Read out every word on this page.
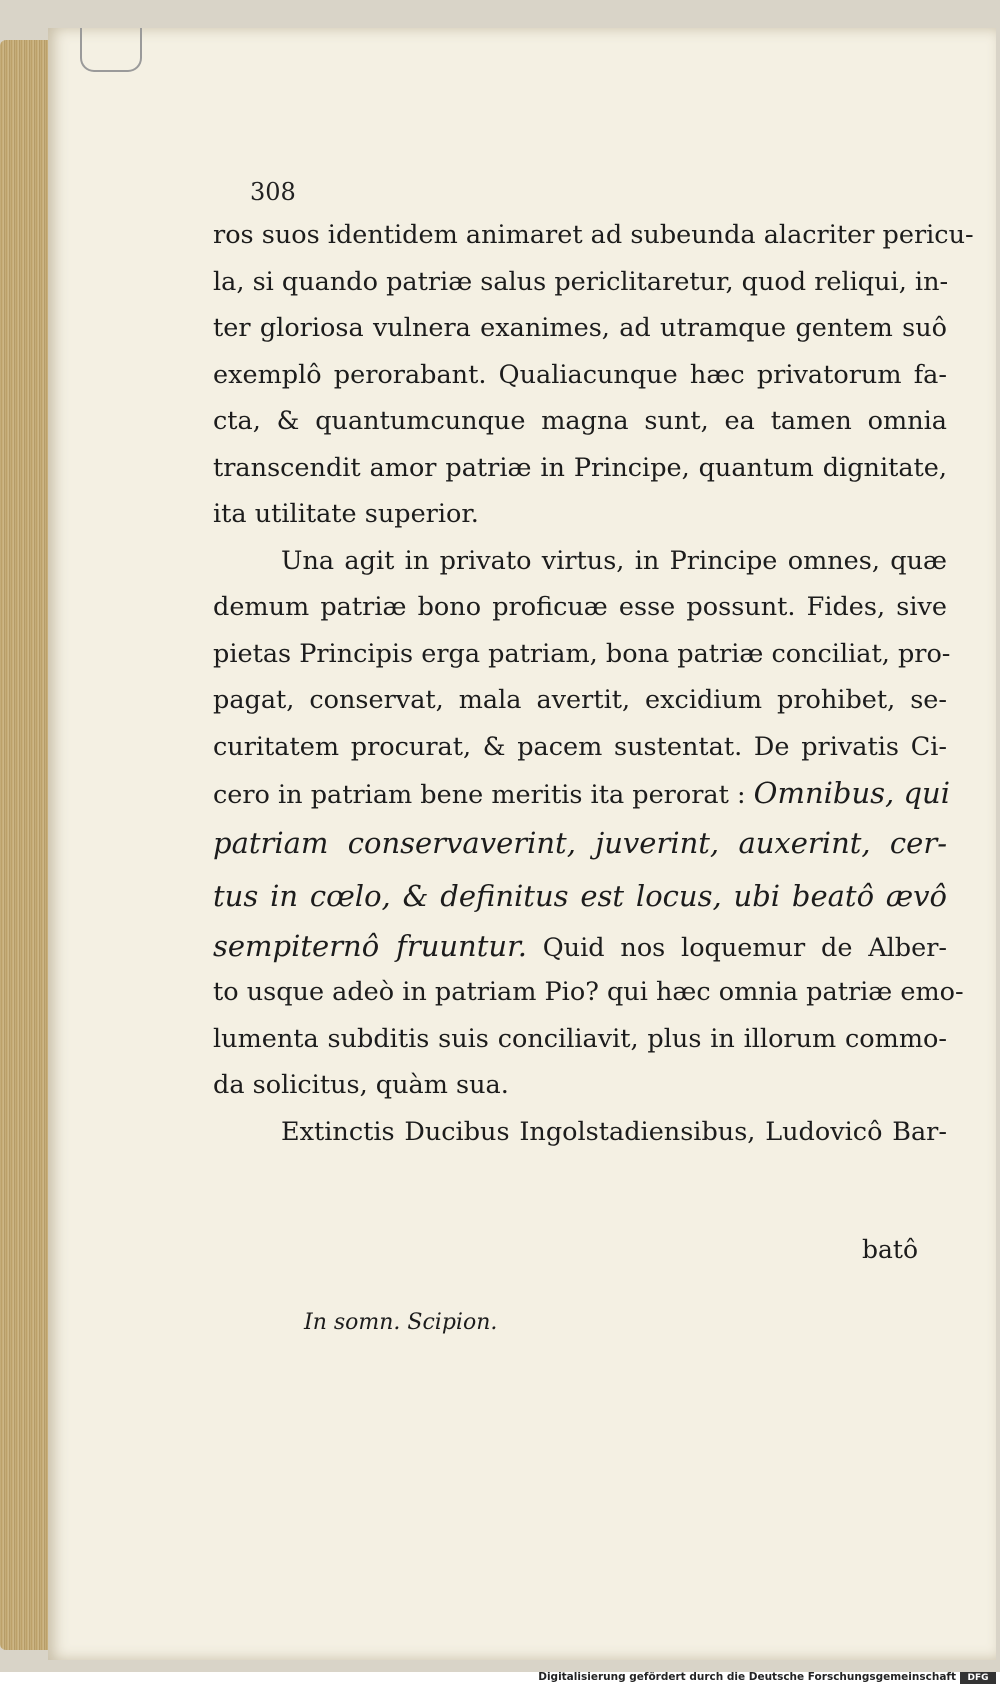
308
ros suos identidem animaret ad subeunda alacriter pericu-
la, si quando patriæ salus periclitaretur, quod reliqui, in-
ter gloriosa vulnera exanimes, ad utramque gentem suô
exemplô perorabant. Qualiacunque hæc privatorum fa-
cta, & quantumcunque magna sunt, ea tamen omnia
transcendit amor patriæ in Principe, quantum dignitate,
ita utilitate superior.
Una agit in privato virtus, in Principe omnes, quæ
demum patriæ bono proficuæ esse possunt. Fides, sive
pietas Principis erga patriam, bona patriæ conciliat, pro-
pagat, conservat, mala avertit, excidium prohibet, se-
curitatem procurat, & pacem sustentat. De privatis Ci-
cero in patriam bene meritis ita perorat : Omnibus, qui
patriam conservaverint, juverint, auxerint, cer-
tus in cœlo, & definitus est locus, ubi beatô ævô
sempiternô fruuntur. Quid nos loquemur de Alber-
to usque adeò in patriam Pio? qui hæc omnia patriæ emo-
lumenta subditis suis conciliavit, plus in illorum commo-
da solicitus, quàm sua.
Extinctis Ducibus Ingolstadiensibus, Ludovicô Bar-
batô
In somn. Scipion.
Digitalisierung gefördert durch die Deutsche Forschungsgemeinschaft	DFG
